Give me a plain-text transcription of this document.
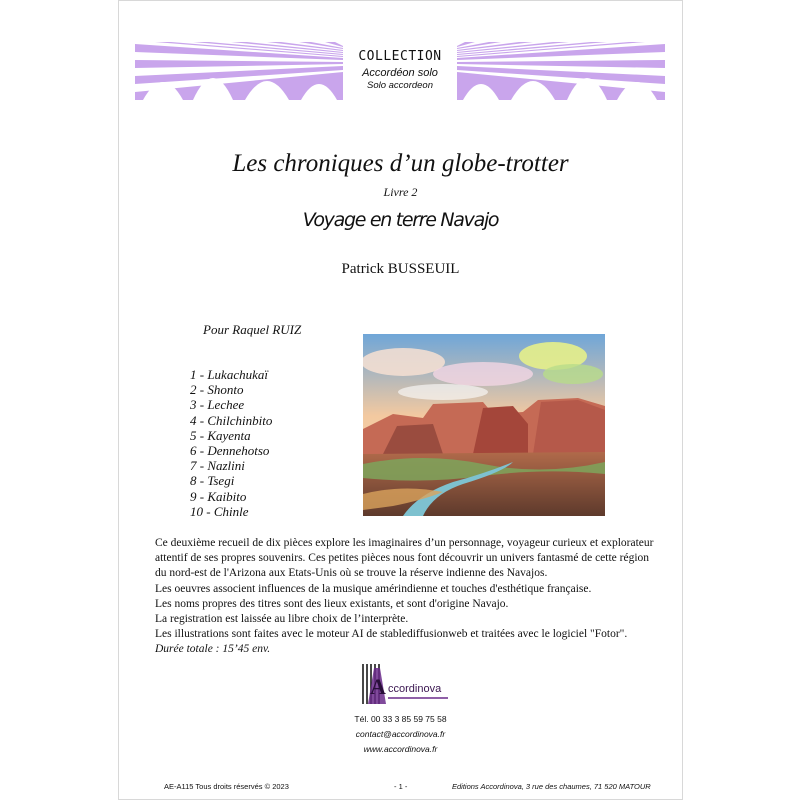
COLLECTION
Accordéon solo
Solo accordeon
Les chroniques d’un globe-trotter
Livre 2
Voyage en terre Navajo
Patrick BUSSEUIL
Pour Raquel RUIZ
1 - Lukachukaï
2 - Shonto
3 - Lechee
4 - Chilchinbito
5 - Kayenta
6 - Dennehotso
7 - Nazlini
8 - Tsegi
9 - Kaibito
10 - Chinle

Ce deuxième recueil de dix pièces explore les imaginaires d’un personnage, voyageur curieux et explorateur attentif de ses propres souvenirs. Ces petites pièces nous font découvrir un univers fantasmé de cette région du nord-est de l'Arizona aux Etats-Unis où se trouve la réserve indienne des Navajos.

Les oeuvres associent influences de la musique amérindienne et touches d'esthétique française.

Les noms propres des titres sont des lieux existants, et sont d'origine Navajo.

La registration est laissée au libre choix de l’interprète.

Les illustrations sont faites avec le moteur AI de stablediffusionweb et traitées avec le logiciel "Fotor".

Durée totale : 15’45 env.

A ccordinova
Tél. 00 33 3 85 59 75 58
contact@accordinova.fr
www.accordinova.fr
AE-A115 Tous droits réservés © 2023	- 1 -	Editions Accordinova, 3 rue des chaumes, 71 520 MATOUR
